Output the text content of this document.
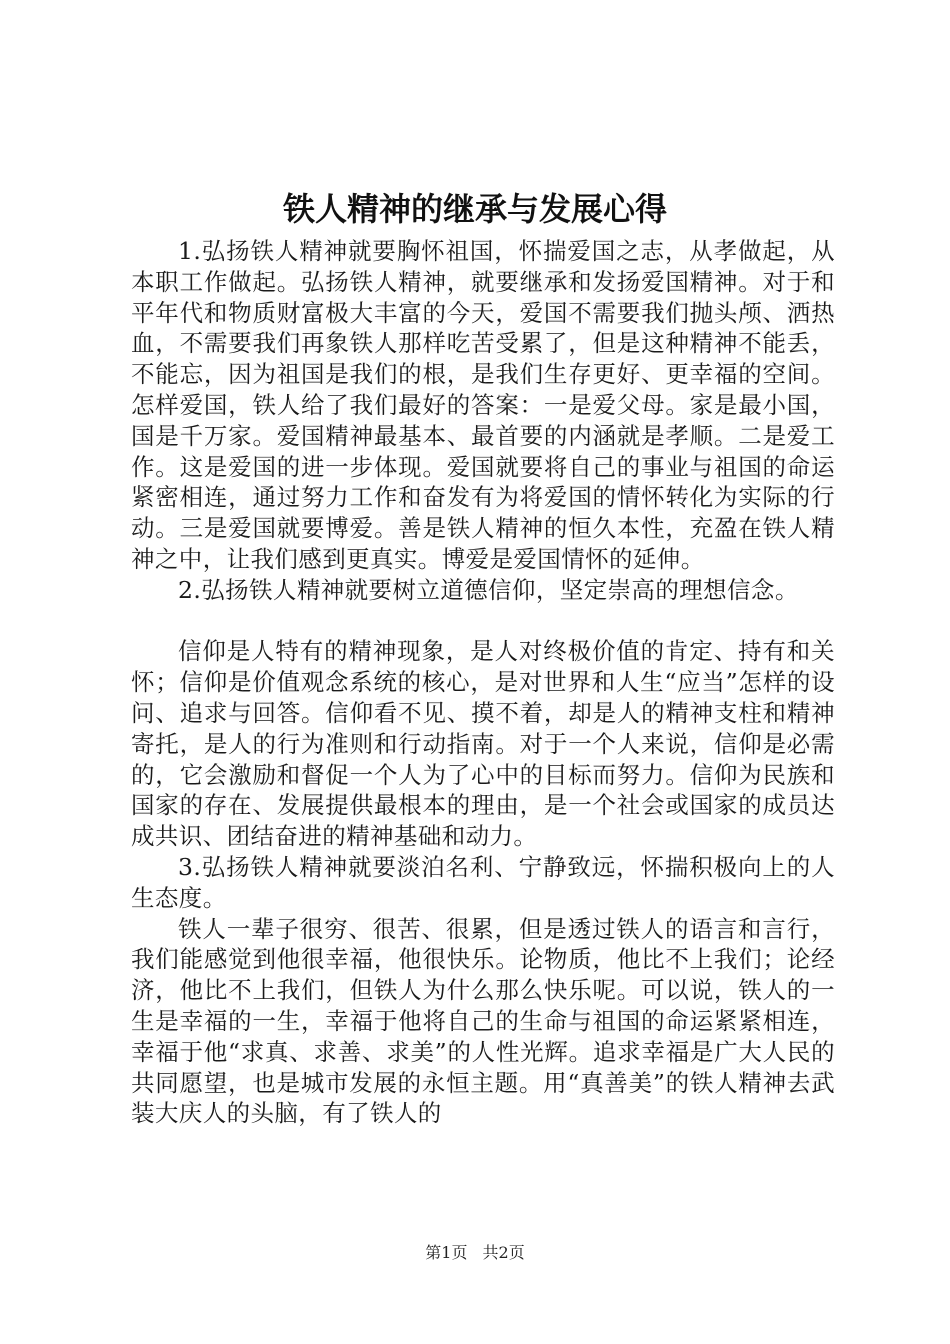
铁人精神的继承与发展心得

1.弘扬铁人精神就要胸怀祖国，怀揣爱国之志，从孝做起，从本职工作做起。弘扬铁人精神，就要继承和发扬爱国精神。对于和平年代和物质财富极大丰富的今天，爱国不需要我们抛头颅、洒热血，不需要我们再象铁人那样吃苦受累了，但是这种精神不能丢，不能忘，因为祖国是我们的根，是我们生存更好、更幸福的空间。怎样爱国，铁人给了我们最好的答案：一是爱父母。家是最小国，国是千万家。爱国精神最基本、最首要的内涵就是孝顺。二是爱工作。这是爱国的进一步体现。爱国就要将自己的事业与祖国的命运紧密相连，通过努力工作和奋发有为将爱国的情怀转化为实际的行动。三是爱国就要博爱。善是铁人精神的恒久本性，充盈在铁人精神之中，让我们感到更真实。博爱是爱国情怀的延伸。

2.弘扬铁人精神就要树立道德信仰，坚定崇高的理想信念。

信仰是人特有的精神现象，是人对终极价值的肯定、持有和关怀；信仰是价值观念系统的核心，是对世界和人生“应当”怎样的设问、追求与回答。信仰看不见、摸不着，却是人的精神支柱和精神寄托，是人的行为准则和行动指南。对于一个人来说，信仰是必需的，它会激励和督促一个人为了心中的目标而努力。信仰为民族和国家的存在、发展提供最根本的理由，是一个社会或国家的成员达成共识、团结奋进的精神基础和动力。

3.弘扬铁人精神就要淡泊名利、宁静致远，怀揣积极向上的人生态度。

铁人一辈子很穷、很苦、很累，但是透过铁人的语言和言行，我们能感觉到他很幸福，他很快乐。论物质，他比不上我们；论经济，他比不上我们，但铁人为什么那么快乐呢。可以说，铁人的一生是幸福的一生，幸福于他将自己的生命与祖国的命运紧紧相连，幸福于他“求真、求善、求美”的人性光辉。追求幸福是广大人民的共同愿望，也是城市发展的永恒主题。用“真善美”的铁人精神去武装大庆人的头脑，有了铁人的

第1页 共2页
